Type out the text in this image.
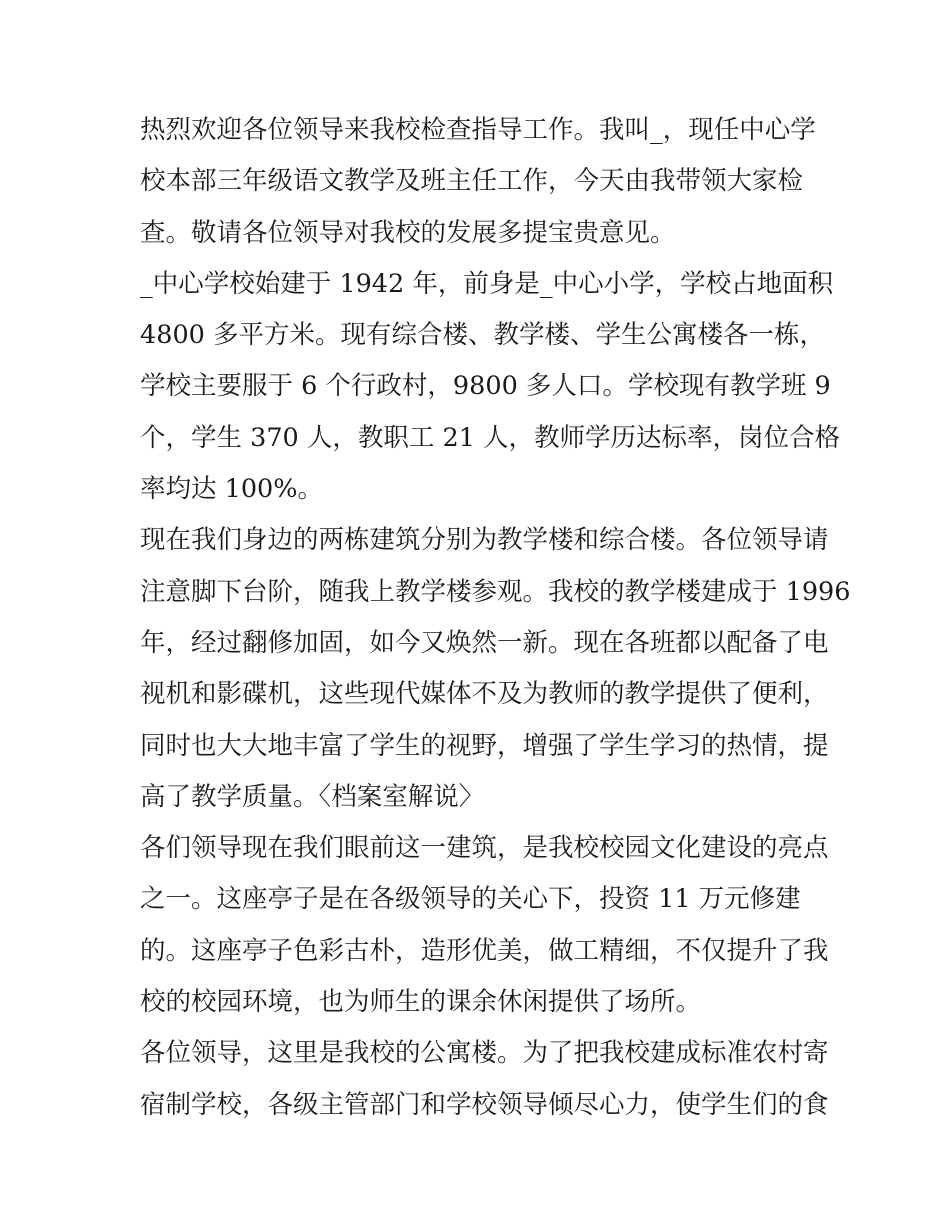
热烈欢迎各位领导来我校检查指导工作。我叫_，现任中心学
校本部三年级语文教学及班主任工作，今天由我带领大家检
查。敬请各位领导对我校的发展多提宝贵意见。
_中心学校始建于 1942 年，前身是_中心小学，学校占地面积
4800 多平方米。现有综合楼、教学楼、学生公寓楼各一栋，
学校主要服于 6 个行政村，9800 多人口。学校现有教学班 9
个，学生 370 人，教职工 21 人，教师学历达标率，岗位合格
率均达 100%。
现在我们身边的两栋建筑分别为教学楼和综合楼。各位领导请
注意脚下台阶，随我上教学楼参观。我校的教学楼建成于 1996
年，经过翻修加固，如今又焕然一新。现在各班都以配备了电
视机和影碟机，这些现代媒体不及为教师的教学提供了便利，
同时也大大地丰富了学生的视野，增强了学生学习的热情，提
高了教学质量。〈档案室解说〉
各们领导现在我们眼前这一建筑，是我校校园文化建设的亮点
之一。这座亭子是在各级领导的关心下，投资 11 万元修建
的。这座亭子色彩古朴，造形优美，做工精细，不仅提升了我
校的校园环境，也为师生的课余休闲提供了场所。
各位领导，这里是我校的公寓楼。为了把我校建成标准农村寄
宿制学校，各级主管部门和学校领导倾尽心力，使学生们的食
